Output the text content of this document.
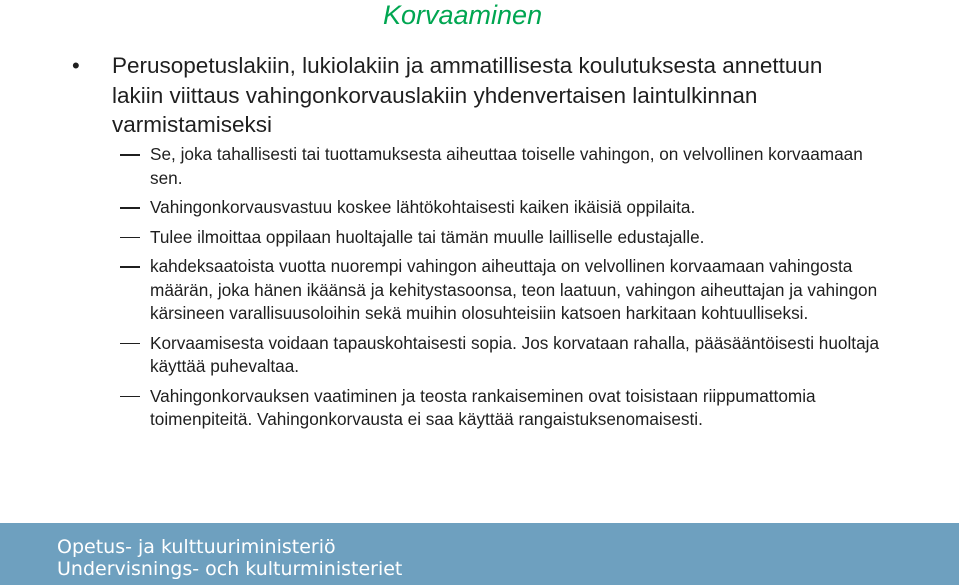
Korvaaminen
• Perusopetuslakiin, lukiolakiin ja ammatillisesta koulutuksesta annettuun lakiin viittaus vahingonkorvauslakiin yhdenvertaisen laintulkinnan varmistamiseksi
Se, joka tahallisesti tai tuottamuksesta aiheuttaa toiselle vahingon, on velvollinen korvaamaan sen.
Vahingonkorvausvastuu koskee lähtökohtaisesti kaiken ikäisiä oppilaita.
Tulee ilmoittaa oppilaan huoltajalle tai tämän muulle lailliselle edustajalle.
kahdeksaatoista vuotta nuorempi vahingon aiheuttaja on velvollinen korvaamaan vahingosta määrän, joka hänen ikäänsä ja kehitystasoonsa, teon laatuun, vahingon aiheuttajan ja vahingon kärsineen varallisuusoloihin sekä muihin olosuhteisiin katsoen harkitaan kohtuulliseksi.
Korvaamisesta voidaan tapauskohtaisesti sopia. Jos korvataan rahalla, pääsääntöisesti huoltaja käyttää puhevaltaa.
Vahingonkorvauksen vaatiminen ja teosta rankaiseminen ovat toisistaan riippumattomia toimenpiteitä. Vahingonkorvausta ei saa käyttää rangaistuksenomaisesti.
Opetus- ja kulttuuriministeriö
Undervisnings- och kulturministeriet
